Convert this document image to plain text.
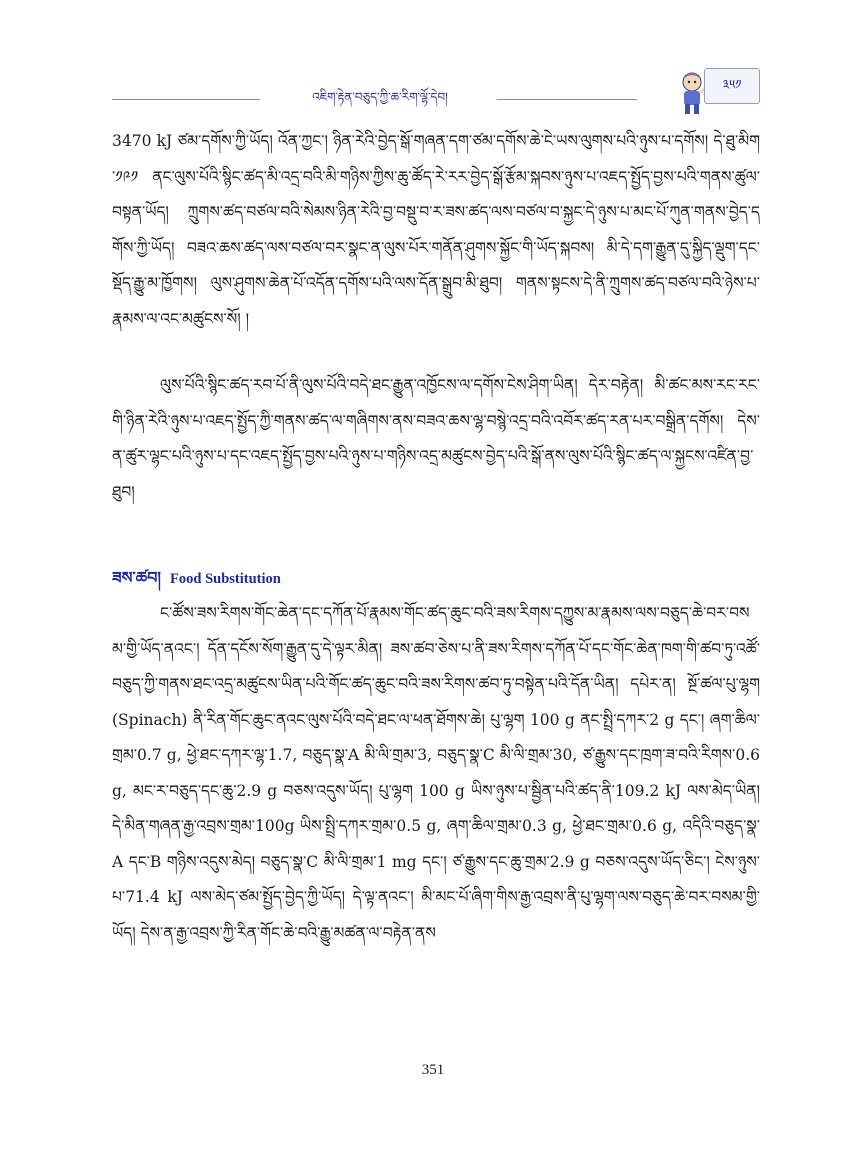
འཇིག་རྟེན་བཅུད་ཀྱི་ཆ་རིག་ལྷོ་དེབ།
༣༥༡

3470 kJ ཙམ་དགོས་ཀྱི་ཡོད། འོན་ཀྱང་། ཉིན་རེའི་བྱེད་སྒོ་གཞན་དག་ཙམ་དགོས་ཆེ་ངེ་ཡས་ལུགས་པའི་ཉུས་པ་དགོས། དེ་ཐུ་མིག་༡༩༡ ནང་ལུས་པོའི་སྙིང་ཚད་མི་འདྲ་བའི་མི་གཉིས་ཀྱིས་ཆུ་ཚོད་རེ་རར་བྱེད་སྒོ་རྩོམ་སྐབས་ཉུས་པ་འཇད་སྤྱོད་བྱས་པའི་གནས་ཚུལ་བསྟན་ཡོད། ཀྲུགས་ཚད་བཙལ་བའི་སེམས་ཉིན་རེའི་བྱ་བསྡུ་བ་ར་ཟས་ཚད་ལས་བཙལ་བ་སྐྱང་དེ་ཉུས་པ་མང་པོ་ཀུན་གནས་བྱེད་དགོས་ཀྱི་ཡོད། བཟའ་ཆས་ཚད་ལས་བཙལ་བར་སྣང་ན་ལུས་པོར་གནོན་ཤུགས་སྐྱོང་གི་ཡོད་སྐབས། མི་དེ་དག་རྒྱུན་དུ་སྐྱིད་ལྡུག་དང་སྡོད་རྒྱུ་མ་ཁྱོགས། ལུས་ཤུགས་ཆེན་པོ་འདོན་དགོས་པའི་ལས་དོན་སྒྲུབ་མི་ཐུབ། གནས་སྟངས་དེ་ནི་ཀྲུགས་ཚད་བཙལ་བའི་ཉེས་པ་རྣམས་ལ་འང་མཚུངས་སོ། །

ལུས་པོའི་སྙིང་ཚད་རབ་པོ་ནི་ལུས་པོའི་བདེ་ཐང་རྒྱུན་འཁྱོངས་ལ་དགོས་ངེས་ཤིག་ཡིན། དེར་བརྟེན། མི་ཚང་མས་རང་རང་གི་ཉིན་རེའི་ཉུས་པ་འཇད་སྤྱོད་ཀྱི་གནས་ཚད་ལ་གཞིགས་ནས་བཟའ་ཆས་ལྷ་བསྙེ་འདྲ་བའི་འབོར་ཚད་རན་པར་བསྒྲིན་དགོས། དེས་ན་ཚུར་ལྷང་པའི་ཉུས་པ་དང་འཇད་སྤྱོད་བྱས་པའི་ཉུས་པ་གཉིས་འདྲ་མཚུངས་བྱེད་པའི་སྒོ་ནས་ལུས་པོའི་སྙིང་ཚད་ལ་སྐྱངས་འཛིན་བྱ་ཐུབ།

ཟས་ཚབ། Food Substitution

ང་ཚོས་ཟས་རིགས་གོང་ཆེན་དང་དཀོན་པོ་རྣམས་གོང་ཚད་ཆུང་བའི་ཟས་རིགས་དཀྱུས་མ་རྣམས་ལས་བཅུད་ཆེ་བར་བསམ་གྱི་ཡོད་ནའང་། དོན་དངོས་སོག་རྒྱུན་དུ་དེ་ལྟར་མིན། ཟས་ཚབ་ཅེས་པ་ནི་ཟས་རིགས་དཀོན་པོ་དང་གོང་ཆེན་ཁག་གི་ཚབ་ཏུ་འཚོ་བཅུད་ཀྱི་གནས་ཐང་འདྲ་མཚུངས་ཡིན་པའི་གོང་ཚད་ཆུང་བའི་ཟས་རིགས་ཚབ་ཏུ་བསྟེན་པའི་དོན་ཡིན། དཔེར་ན། སྔོ་ཚལ་པུ་ལྷག (Spinach) ནི་རིན་གོང་ཆུང་ནའང་ལུས་པོའི་བདེ་ཐང་ལ་ཕན་ཐོགས་ཆེ། པུ་ལྷག 100 g ནང་སྤྲི་དཀར་2 g དང་། ཞག་ཆིལ་གྲམ་0.7 g, ཕྱེ་ཐང་དཀར་ལྷ་1.7, བཅུད་སྣ་A མི་ལི་གྲམ་3, བཅུད་སྣ་C མི་ལི་གྲམ་30, ཙ་རྒྱུས་དང་ཁྲག་ཟ་བའི་རིགས་0.6 g, མང་ར་བཅུད་དང་ཆུ་2.9 g བཅས་འདུས་ཡོད། པུ་ལྷག 100 g ཡིས་ཉུས་པ་སྦྱིན་པའི་ཚད་ནི་109.2 kJ ལས་མེད་ཡིན། དེ་མིན་གཞན་རྒྱ་འབྲས་གྲམ་100g ཡིས་སྤྲི་དཀར་གྲམ་0.5 g, ཞག་ཆིལ་གྲམ་0.3 g, ཕྱེ་ཐང་གྲམ་0.6 g, འདིའི་བཅུད་སྣ་A དང་B གཉིས་འདུས་མེད། བཅུད་སྣ་C མི་ལི་གྲམ་1 mg དང་། ཙ་རྒྱུས་དང་ཆུ་གྲམ་2.9 g བཅས་འདུས་ཡོད་ཅིང་། ངེས་ཉུས་པ་71.4 kJ ལས་མེད་ཙམ་སྤྱོད་བྱེད་ཀྱི་ཡོད། དེ་ལྟ་ནའང་། མི་མང་པོ་ཞིག་གིས་རྒྱ་འབྲས་ནི་པུ་ལྷག་ལས་བཅུད་ཆེ་བར་བསམ་གྱི་ཡོད། དེས་ན་རྒྱ་འབྲས་ཀྱི་རིན་གོང་ཆེ་བའི་རྒྱུ་མཚན་ལ་བརྟེན་ནས

351
